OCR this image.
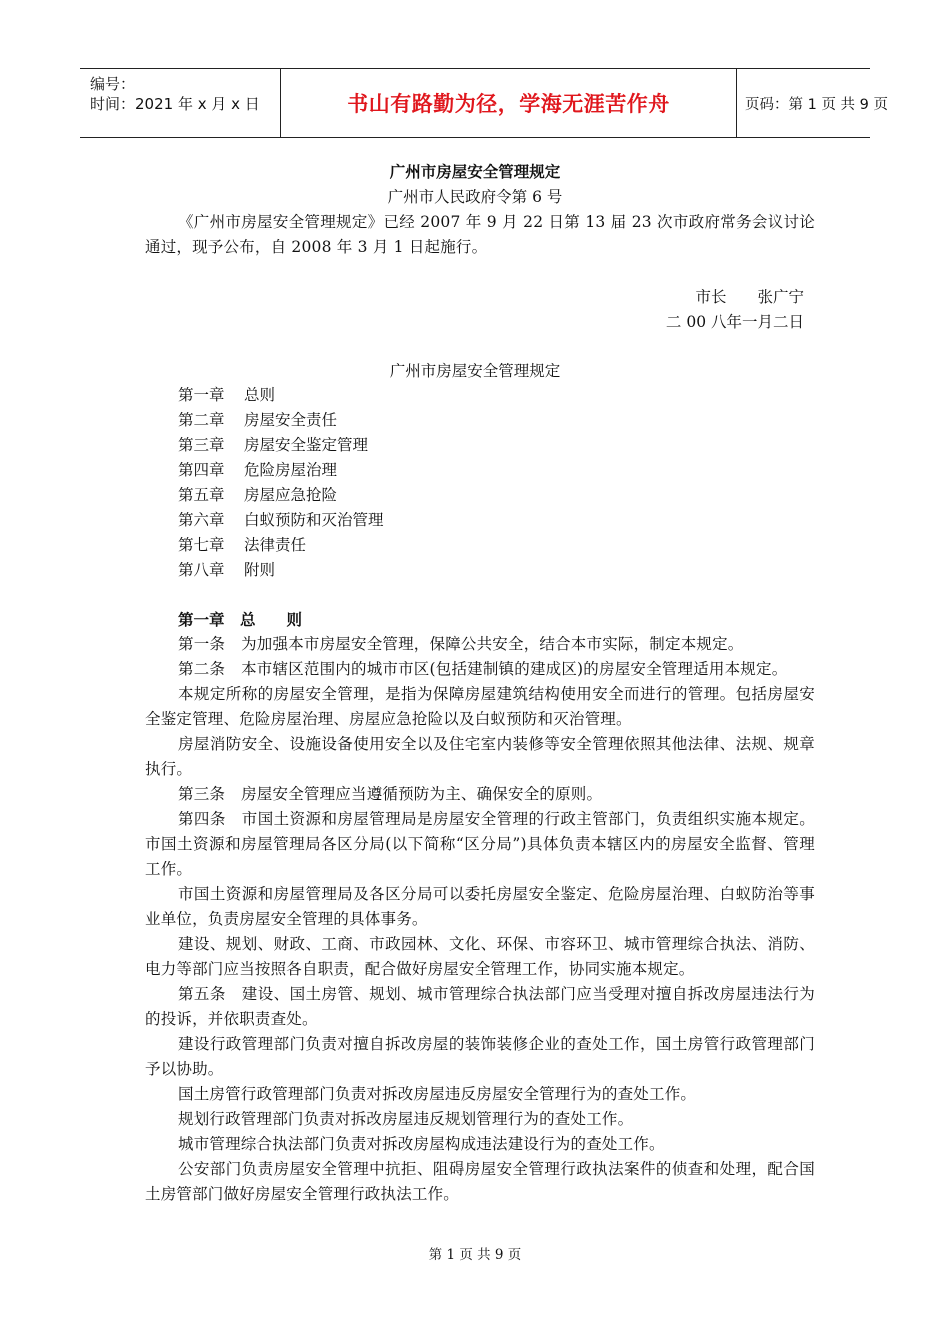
编号：
时间：2021 年 x 月 x 日	书山有路勤为径，学海无涯苦作舟	页码：第 1 页 共 9 页
广州市房屋安全管理规定
广州市人民政府令第 6 号

《广州市房屋安全管理规定》已经 2007 年 9 月 22 日第 13 届 23 次市政府常务会议讨论通过，现予公布，自 2008 年 3 月 1 日起施行。

市长　　张广宁
二 00 八年一月二日
广州市房屋安全管理规定
第一章 总则
第二章 房屋安全责任
第三章 房屋安全鉴定管理
第四章 危险房屋治理
第五章 房屋应急抢险
第六章 白蚁预防和灭治管理
第七章 法律责任
第八章 附则
第一章　总　　则

第一条 为加强本市房屋安全管理，保障公共安全，结合本市实际，制定本规定。

第二条 本市辖区范围内的城市市区(包括建制镇的建成区)的房屋安全管理适用本规定。

本规定所称的房屋安全管理，是指为保障房屋建筑结构使用安全而进行的管理。包括房屋安全鉴定管理、危险房屋治理、房屋应急抢险以及白蚁预防和灭治管理。

房屋消防安全、设施设备使用安全以及住宅室内装修等安全管理依照其他法律、法规、规章执行。

第三条 房屋安全管理应当遵循预防为主、确保安全的原则。

第四条 市国土资源和房屋管理局是房屋安全管理的行政主管部门，负责组织实施本规定。市国土资源和房屋管理局各区分局(以下简称“区分局”)具体负责本辖区内的房屋安全监督、管理工作。

市国土资源和房屋管理局及各区分局可以委托房屋安全鉴定、危险房屋治理、白蚁防治等事业单位，负责房屋安全管理的具体事务。

建设、规划、财政、工商、市政园林、文化、环保、市容环卫、城市管理综合执法、消防、电力等部门应当按照各自职责，配合做好房屋安全管理工作，协同实施本规定。

第五条 建设、国土房管、规划、城市管理综合执法部门应当受理对擅自拆改房屋违法行为的投诉，并依职责查处。

建设行政管理部门负责对擅自拆改房屋的装饰装修企业的查处工作，国土房管行政管理部门予以协助。

国土房管行政管理部门负责对拆改房屋违反房屋安全管理行为的查处工作。

规划行政管理部门负责对拆改房屋违反规划管理行为的查处工作。

城市管理综合执法部门负责对拆改房屋构成违法建设行为的查处工作。

公安部门负责房屋安全管理中抗拒、阻碍房屋安全管理行政执法案件的侦查和处理，配合国土房管部门做好房屋安全管理行政执法工作。

第 1 页 共 9 页
